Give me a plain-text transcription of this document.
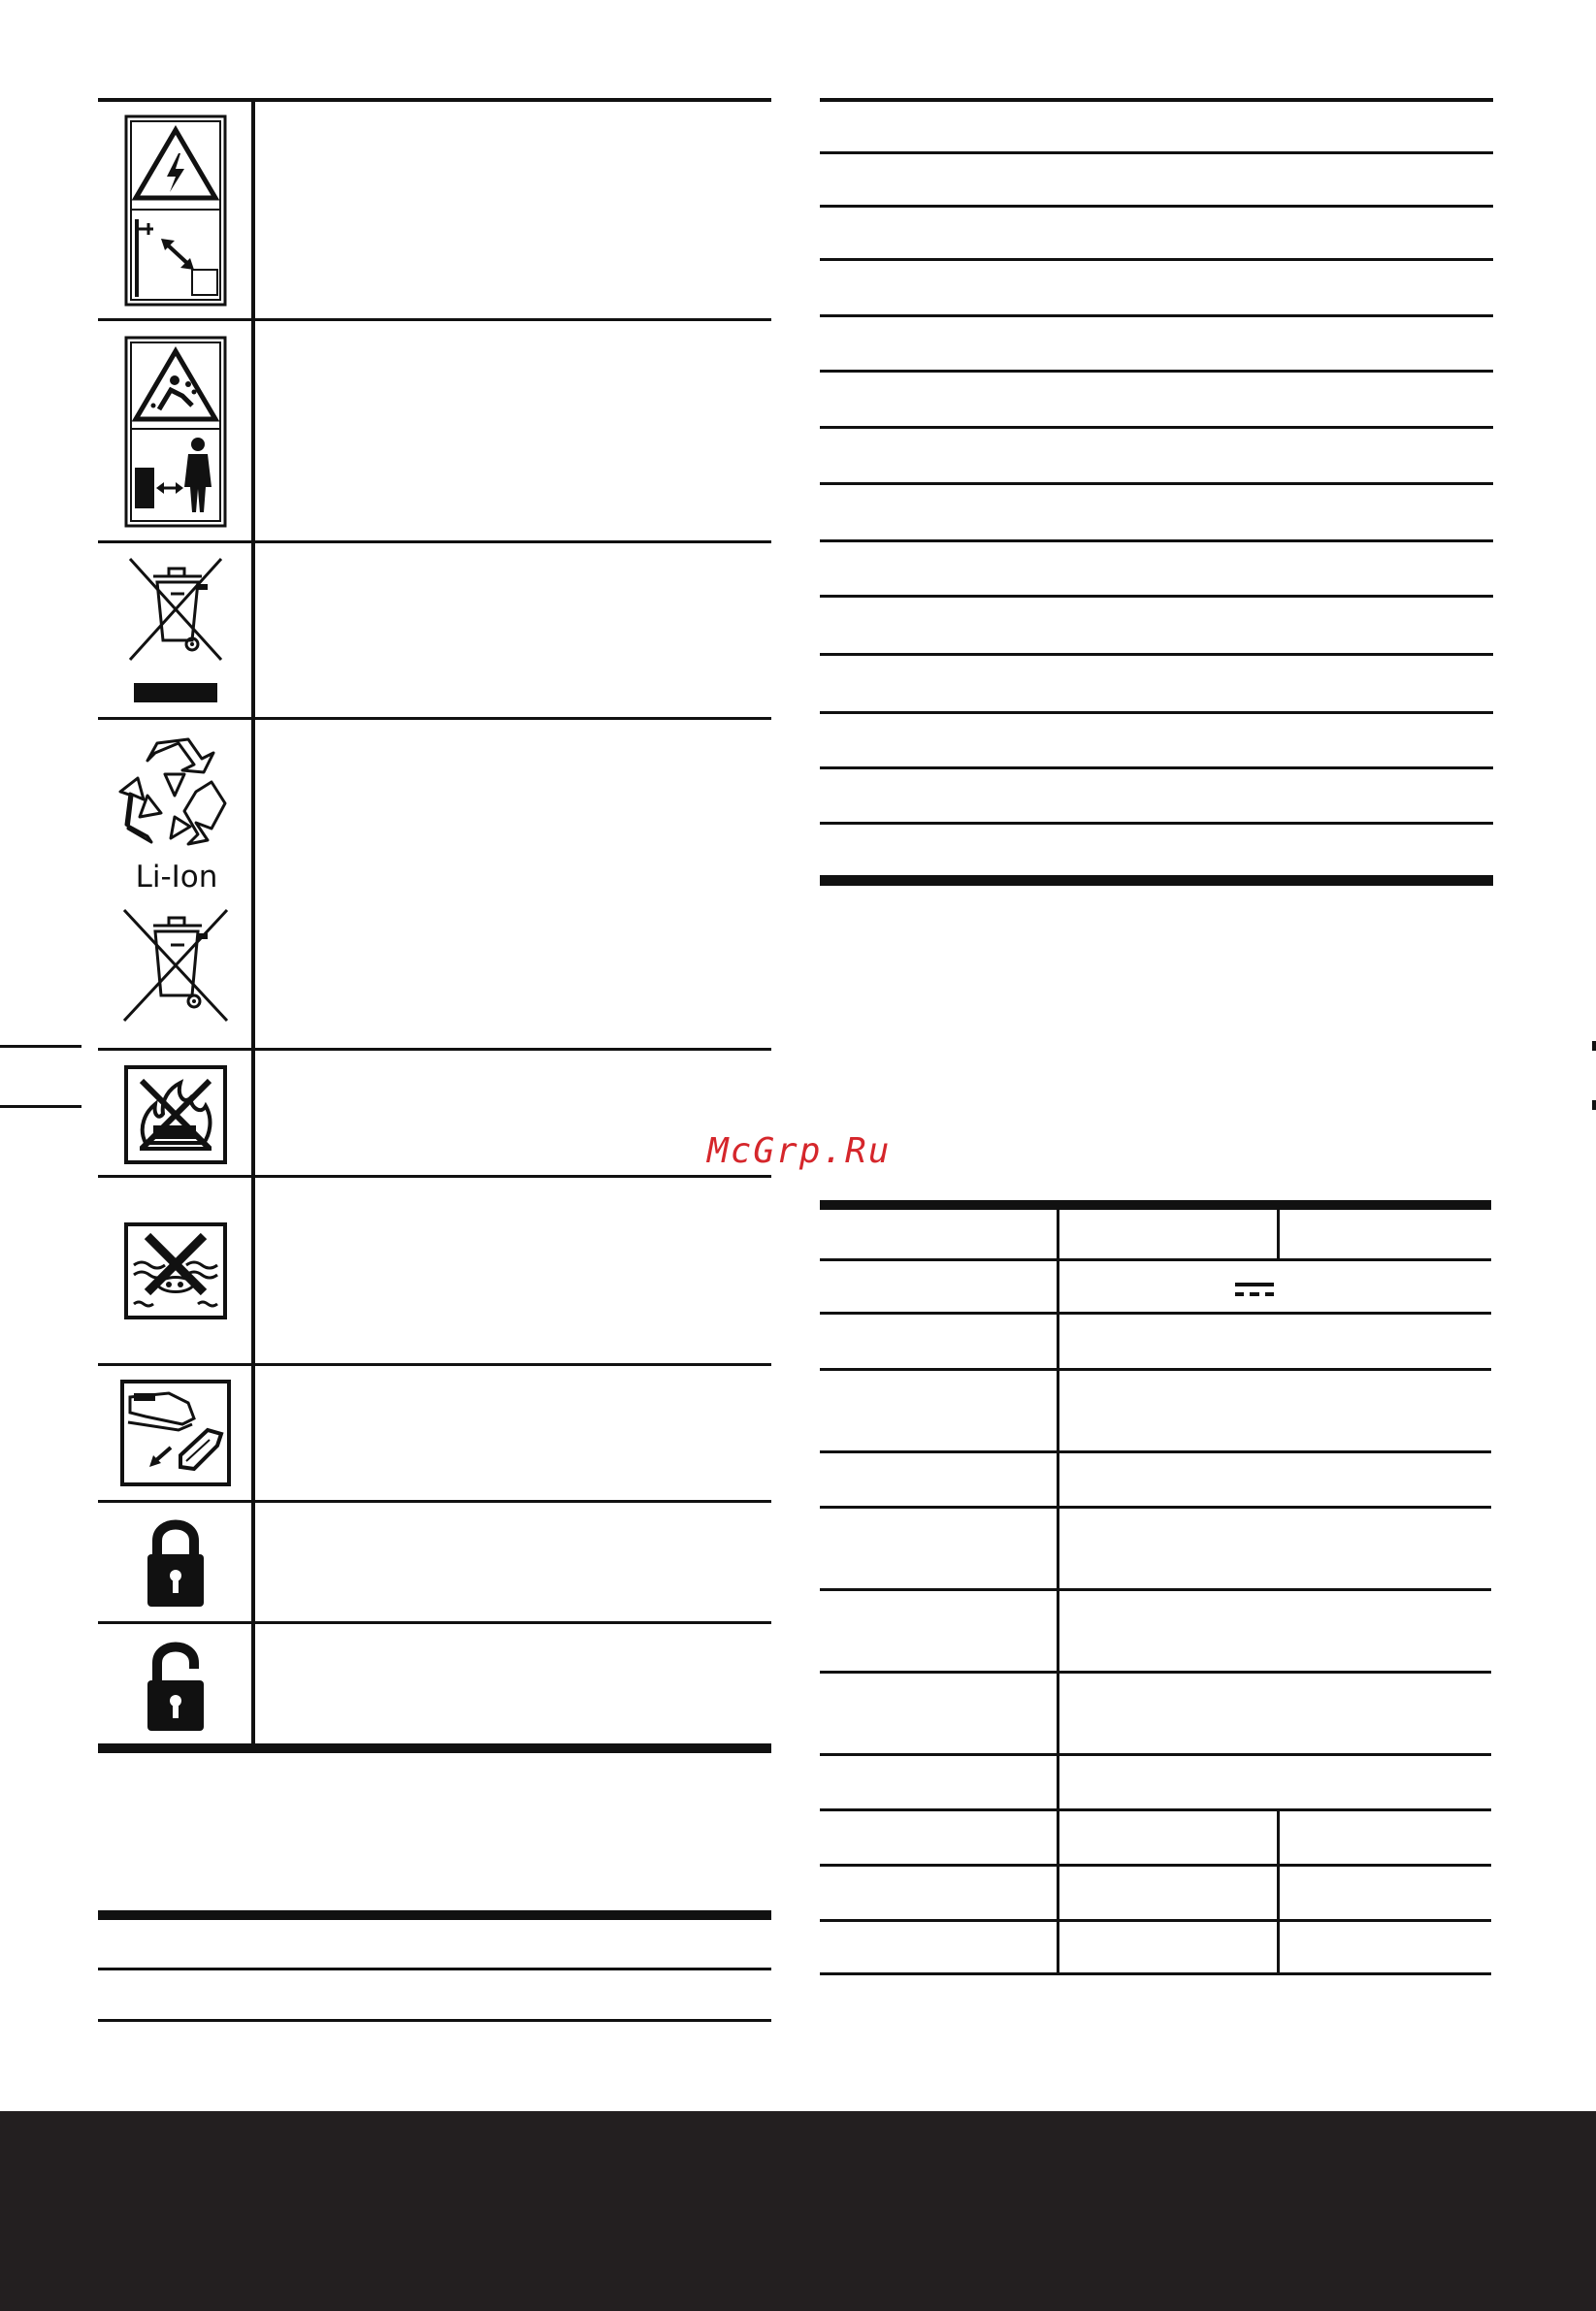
Li-Ion
McGrp.Ru
